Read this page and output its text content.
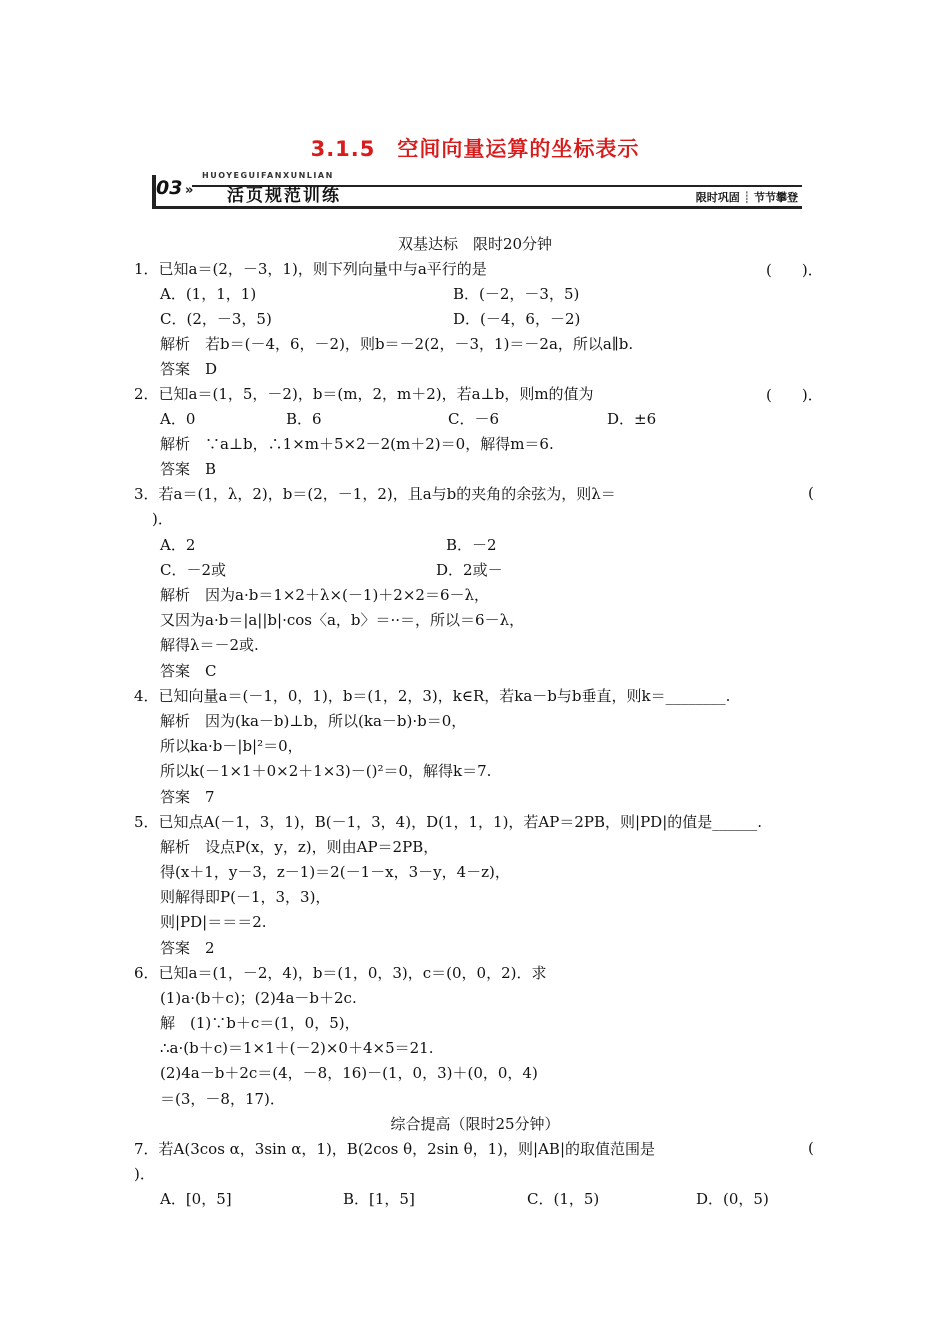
3.1.5　空间向量运算的坐标表示
HUOYEGUIFANXUNLIAN
03 » 活页规范训练	限时巩固 ┊ 节节攀登
双基达标　限时20分钟
1．已知a＝(2，－3，1)，则下列向量中与a平行的是	(　　)．
A．(1，1，1)	B．(－2，－3，5)
C．(2，－3，5)	D．(－4，6，－2)
解析　若b＝(－4，6，－2)，则b＝－2(2，－3，1)＝－2a，所以a∥b.
答案　D
2．已知a＝(1，5，－2)，b＝(m，2，m＋2)，若a⊥b，则m的值为	(　　)．
A．0	B．6	C．－6	D．±6
解析　∵a⊥b，∴1×m＋5×2－2(m＋2)＝0，解得m＝6.
答案　B
3．若a＝(1，λ，2)，b＝(2，－1，2)，且a与b的夹角的余弦为，则λ＝	(
)．
A．2	B．－2
C．－2或	D．2或－
解析　因为a·b＝1×2＋λ×(－1)＋2×2＝6－λ，
又因为a·b＝|a||b|·cos〈a，b〉＝··＝，所以＝6－λ，
解得λ＝－2或.
答案　C
4．已知向量a＝(－1，0，1)，b＝(1，2，3)，k∈R，若ka－b与b垂直，则k＝________.
解析　因为(ka－b)⊥b，所以(ka－b)·b＝0，
所以ka·b－|b|²＝0，
所以k(－1×1＋0×2＋1×3)－()²＝0，解得k＝7.
答案　7
5．已知点A(－1，3，1)，B(－1，3，4)，D(1，1，1)，若AP＝2PB，则|PD|的值是______.
解析　设点P(x，y，z)，则由AP＝2PB，
得(x＋1，y－3，z－1)＝2(－1－x，3－y，4－z)，
则解得即P(－1，3，3)，
则|PD|＝＝＝2.
答案　2
6．已知a＝(1，－2，4)，b＝(1，0，3)，c＝(0，0，2)．求
(1)a·(b＋c)；(2)4a－b＋2c.
解　(1)∵b＋c＝(1，0，5)，
∴a·(b＋c)＝1×1＋(－2)×0＋4×5＝21.
(2)4a－b＋2c＝(4，－8，16)－(1，0，3)＋(0，0，4)
＝(3，－8，17)．
综合提高（限时25分钟）
7．若A(3cos α，3sin α，1)，B(2cos θ，2sin θ，1)，则|AB|的取值范围是	(
)．
A．[0，5]	B．[1，5]	C．(1，5)	D．(0，5)
